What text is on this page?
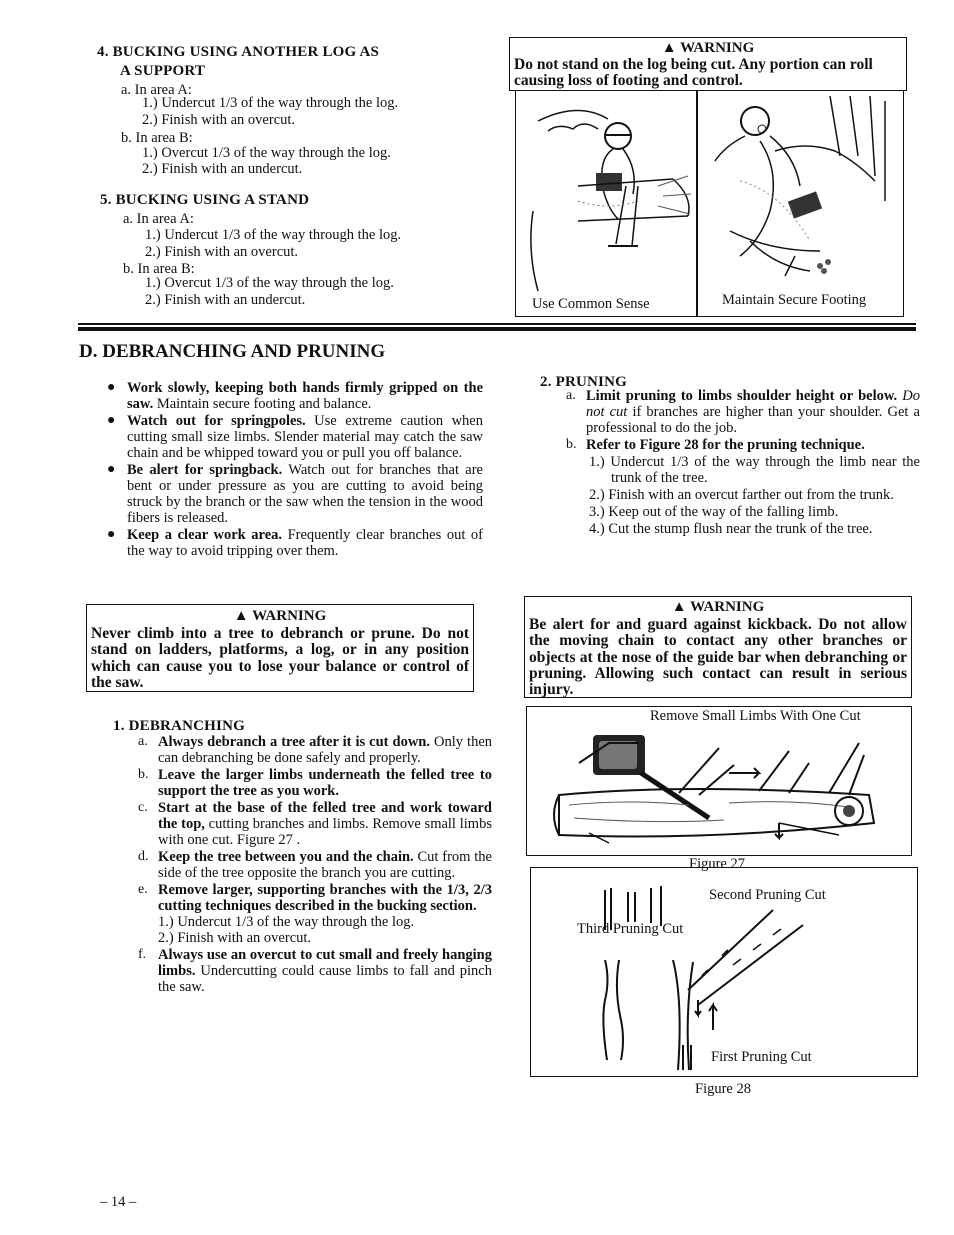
4. BUCKING USING ANOTHER LOG AS
A SUPPORT
a. In area A:
1.) Undercut 1/3 of the way through the log.
2.) Finish with an overcut.
b. In area B:
1.) Overcut 1/3 of the way through the log.
2.) Finish with an undercut.
5. BUCKING USING A STAND
a. In area A:
1.) Undercut 1/3 of the way through the log.
2.) Finish with an overcut.
b. In area B:
1.) Overcut 1/3 of the way through the log.
2.) Finish with an undercut.
▲ WARNING
Do not stand on the log being cut. Any portion can roll causing loss of footing and control.
Use Common Sense	Maintain Secure Footing
D. DEBRANCHING AND PRUNING
● Work slowly, keeping both hands firmly gripped on the saw. Maintain secure footing and balance.
● Watch out for springpoles. Use extreme caution when cutting small size limbs. Slender material may catch the saw chain and be whipped toward you or pull you off balance.
● Be alert for springback. Watch out for branches that are bent or under pressure as you are cutting to avoid being struck by the branch or the saw when the tension in the wood fibers is released.
● Keep a clear work area. Frequently clear branches out of the way to avoid tripping over them.
▲ WARNING
Never climb into a tree to debranch or prune. Do not stand on ladders, platforms, a log, or in any position which can cause you to lose your balance or control of the saw.
1. DEBRANCHING
a. Always debranch a tree after it is cut down. Only then can debranching be done safely and properly.
b. Leave the larger limbs underneath the felled tree to support the tree as you work.
c. Start at the base of the felled tree and work toward the top, cutting branches and limbs. Remove small limbs with one cut. Figure 27 .
d. Keep the tree between you and the chain. Cut from the side of the tree opposite the branch you are cutting.
e. Remove larger, supporting branches with the 1/3, 2/3 cutting techniques described in the bucking section.
1.) Undercut 1/3 of the way through the log.
2.) Finish with an overcut.
f. Always use an overcut to cut small and freely hanging limbs. Undercutting could cause limbs to fall and pinch the saw.
2. PRUNING
a. Limit pruning to limbs shoulder height or below. Do not cut if branches are higher than your shoulder. Get a professional to do the job.
b. Refer to Figure 28 for the pruning technique.
1.) Undercut 1/3 of the way through the limb near the trunk of the tree.
2.) Finish with an overcut farther out from the trunk.
3.) Keep out of the way of the falling limb.
4.) Cut the stump flush near the trunk of the tree.
▲ WARNING
Be alert for and guard against kickback. Do not allow the moving chain to contact any other branches or objects at the nose of the guide bar when debranching or pruning. Allowing such contact can result in serious injury.
Remove Small Limbs With One Cut
Figure 27
Second Pruning Cut
Third Pruning Cut
First Pruning Cut
Figure 28
– 14 –
